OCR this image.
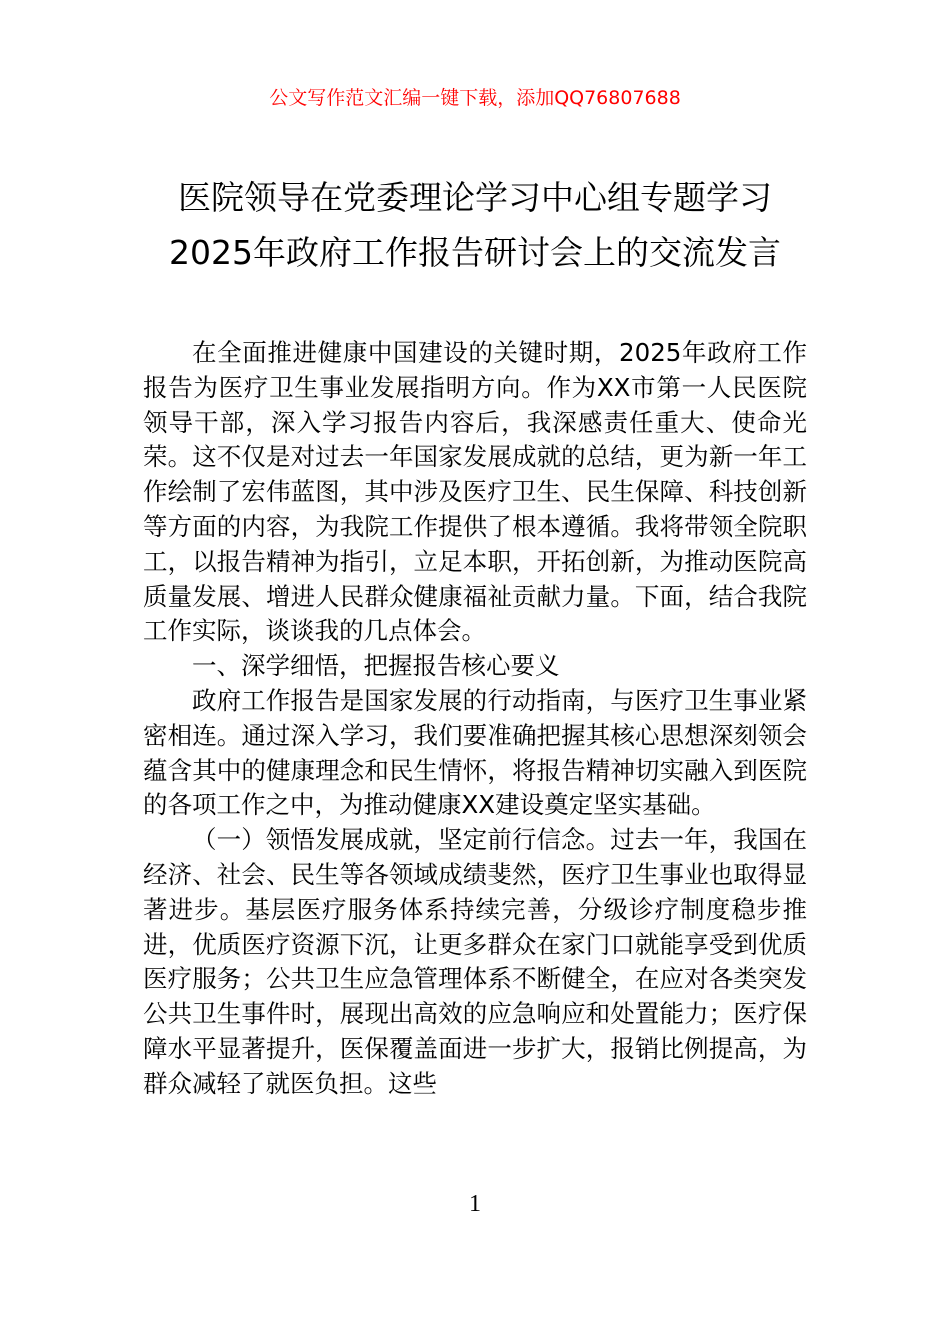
公文写作范文汇编一键下载，添加QQ76807688
医院领导在党委理论学习中心组专题学习
2025年政府工作报告研讨会上的交流发言

在全面推进健康中国建设的关键时期，2025年政府工作报告为医疗卫生事业发展指明方向。作为XX市第一人民医院领导干部，深入学习报告内容后，我深感责任重大、使命光荣。这不仅是对过去一年国家发展成就的总结，更为新一年工作绘制了宏伟蓝图，其中涉及医疗卫生、民生保障、科技创新等方面的内容，为我院工作提供了根本遵循。我将带领全院职工，以报告精神为指引，立足本职，开拓创新，为推动医院高质量发展、增进人民群众健康福祉贡献力量。下面，结合我院工作实际，谈谈我的几点体会。

一、深学细悟，把握报告核心要义

政府工作报告是国家发展的行动指南，与医疗卫生事业紧密相连。通过深入学习，我们要准确把握其核心思想深刻领会蕴含其中的健康理念和民生情怀，将报告精神切实融入到医院的各项工作之中，为推动健康XX建设奠定坚实基础。

（一）领悟发展成就，坚定前行信念。过去一年，我国在经济、社会、民生等各领域成绩斐然，医疗卫生事业也取得显著进步。基层医疗服务体系持续完善，分级诊疗制度稳步推进，优质医疗资源下沉，让更多群众在家门口就能享受到优质医疗服务；公共卫生应急管理体系不断健全，在应对各类突发公共卫生事件时，展现出高效的应急响应和处置能力；医疗保障水平显著提升，医保覆盖面进一步扩大，报销比例提高，为群众减轻了就医负担。这些

1
